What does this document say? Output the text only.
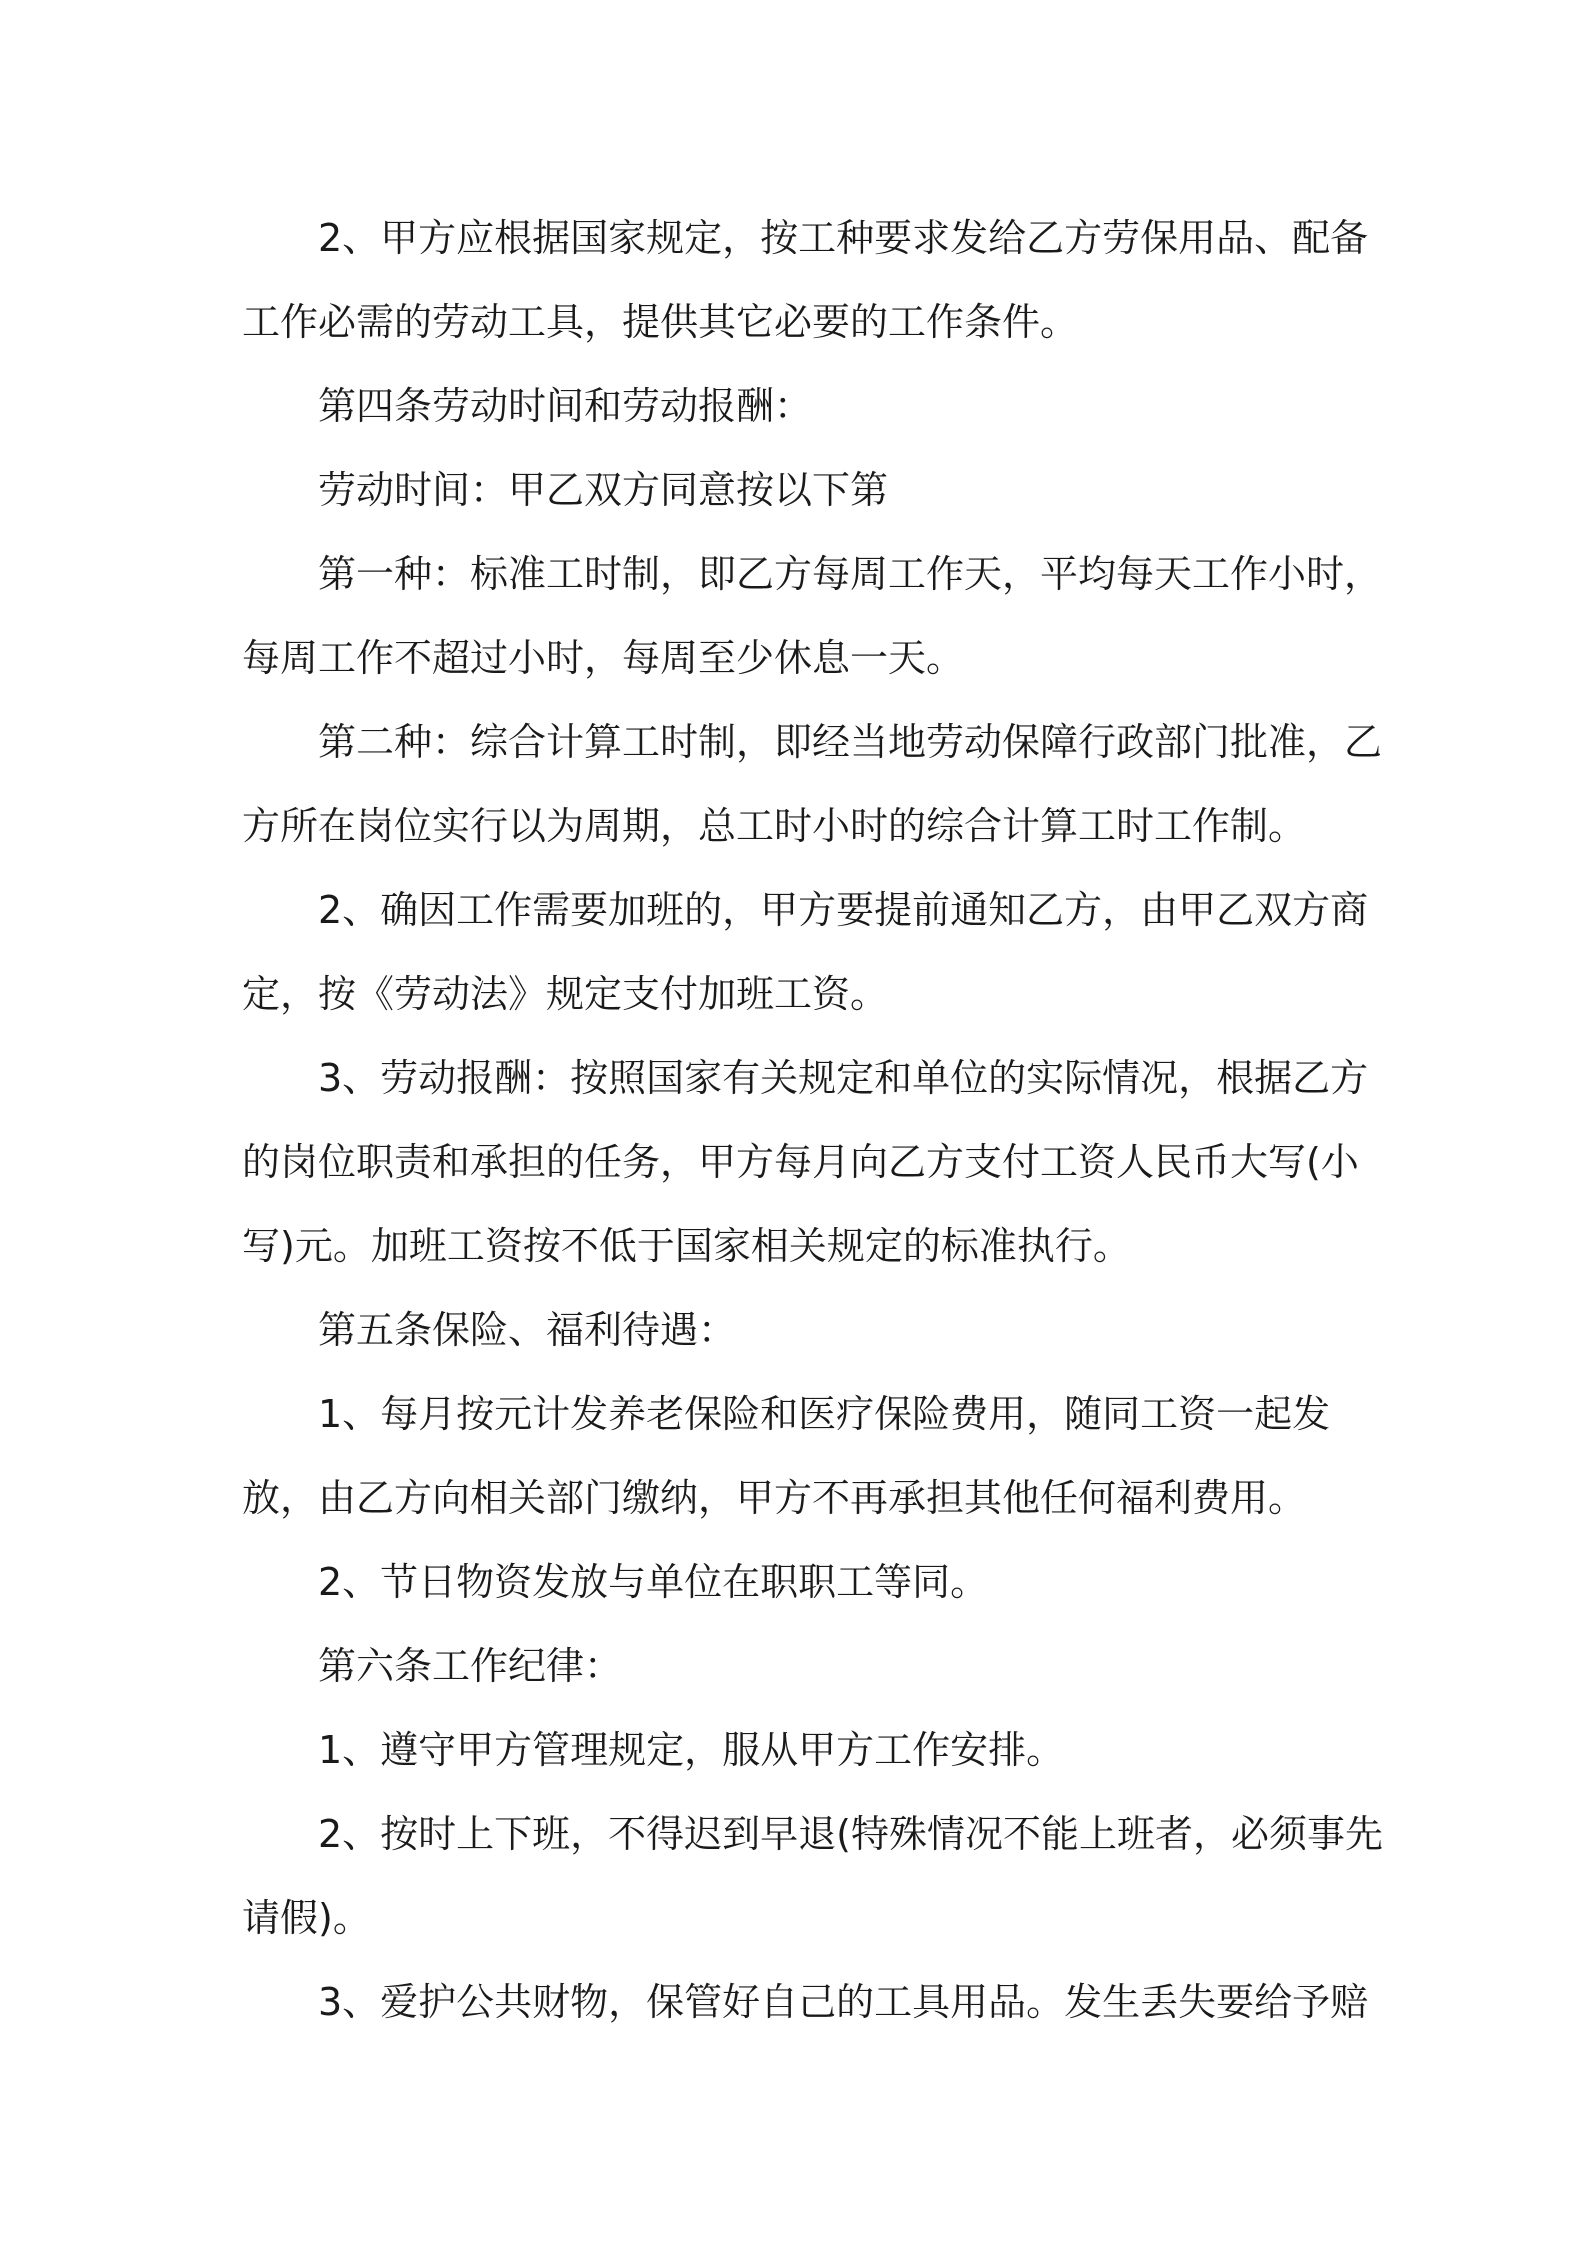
2、甲方应根据国家规定，按工种要求发给乙方劳保用品、配备工作必需的劳动工具，提供其它必要的工作条件。

第四条劳动时间和劳动报酬：

劳动时间：甲乙双方同意按以下第

第一种：标准工时制，即乙方每周工作天，平均每天工作小时，每周工作不超过小时，每周至少休息一天。

第二种：综合计算工时制，即经当地劳动保障行政部门批准，乙方所在岗位实行以为周期，总工时小时的综合计算工时工作制。

2、确因工作需要加班的，甲方要提前通知乙方，由甲乙双方商定，按《劳动法》规定支付加班工资。

3、劳动报酬：按照国家有关规定和单位的实际情况，根据乙方的岗位职责和承担的任务，甲方每月向乙方支付工资人民币大写(小写)元。加班工资按不低于国家相关规定的标准执行。

第五条保险、福利待遇：

1、每月按元计发养老保险和医疗保险费用，随同工资一起发放，由乙方向相关部门缴纳，甲方不再承担其他任何福利费用。

2、节日物资发放与单位在职职工等同。

第六条工作纪律：

1、遵守甲方管理规定，服从甲方工作安排。

2、按时上下班，不得迟到早退(特殊情况不能上班者，必须事先请假)。

3、爱护公共财物，保管好自己的工具用品。发生丢失要给予赔
